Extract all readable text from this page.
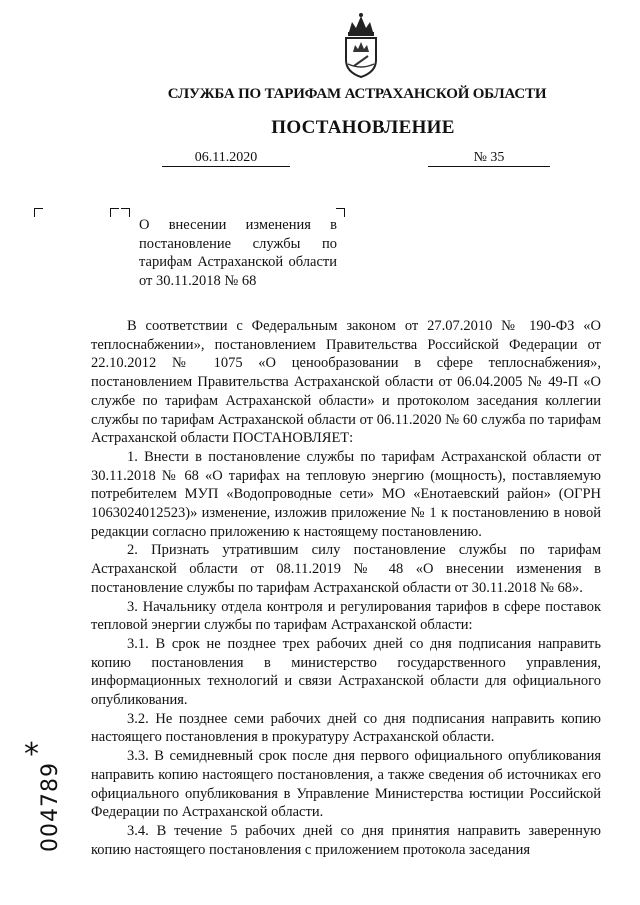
СЛУЖБА ПО ТАРИФАМ АСТРАХАНСКОЙ ОБЛАСТИ
ПОСТАНОВЛЕНИЕ
06.11.2020	№ 35
О внесении изменения в постановление службы по тарифам Астраханской области от 30.11.2018 № 68

В соответствии с Федеральным законом от 27.07.2010 № 190-ФЗ «О теплоснабжении», постановлением Правительства Российской Федерации от 22.10.2012 № 1075 «О ценообразовании в сфере теплоснабжения», постановлением Правительства Астраханской области от 06.04.2005 № 49-П «О службе по тарифам Астраханской области» и протоколом заседания коллегии службы по тарифам Астраханской области от 06.11.2020 № 60 служба по тарифам Астраханской области ПОСТАНОВЛЯЕТ:

1. Внести в постановление службы по тарифам Астраханской области от 30.11.2018 № 68 «О тарифах на тепловую энергию (мощность), поставляемую потребителем МУП «Водопроводные сети» МО «Енотаевский район» (ОГРН 1063024012523)» изменение, изложив приложение № 1 к постановлению в новой редакции согласно приложению к настоящему постановлению.

2. Признать утратившим силу постановление службы по тарифам Астраханской области от 08.11.2019 № 48 «О внесении изменения в постановление службы по тарифам Астраханской области от 30.11.2018 № 68».

3. Начальнику отдела контроля и регулирования тарифов в сфере поставок тепловой энергии службы по тарифам Астраханской области:

3.1. В срок не позднее трех рабочих дней со дня подписания направить копию постановления в министерство государственного управления, информационных технологий и связи Астраханской области для официального опубликования.

3.2. Не позднее семи рабочих дней со дня подписания направить копию настоящего постановления в прокуратуру Астраханской области.

3.3. В семидневный срок после дня первого официального опубликования направить копию настоящего постановления, а также сведения об источниках его официального опубликования в Управление Министерства юстиции Российской Федерации по Астраханской области.

3.4. В течение 5 рабочих дней со дня принятия направить заверенную копию настоящего постановления с приложением протокола заседания

*
004789
